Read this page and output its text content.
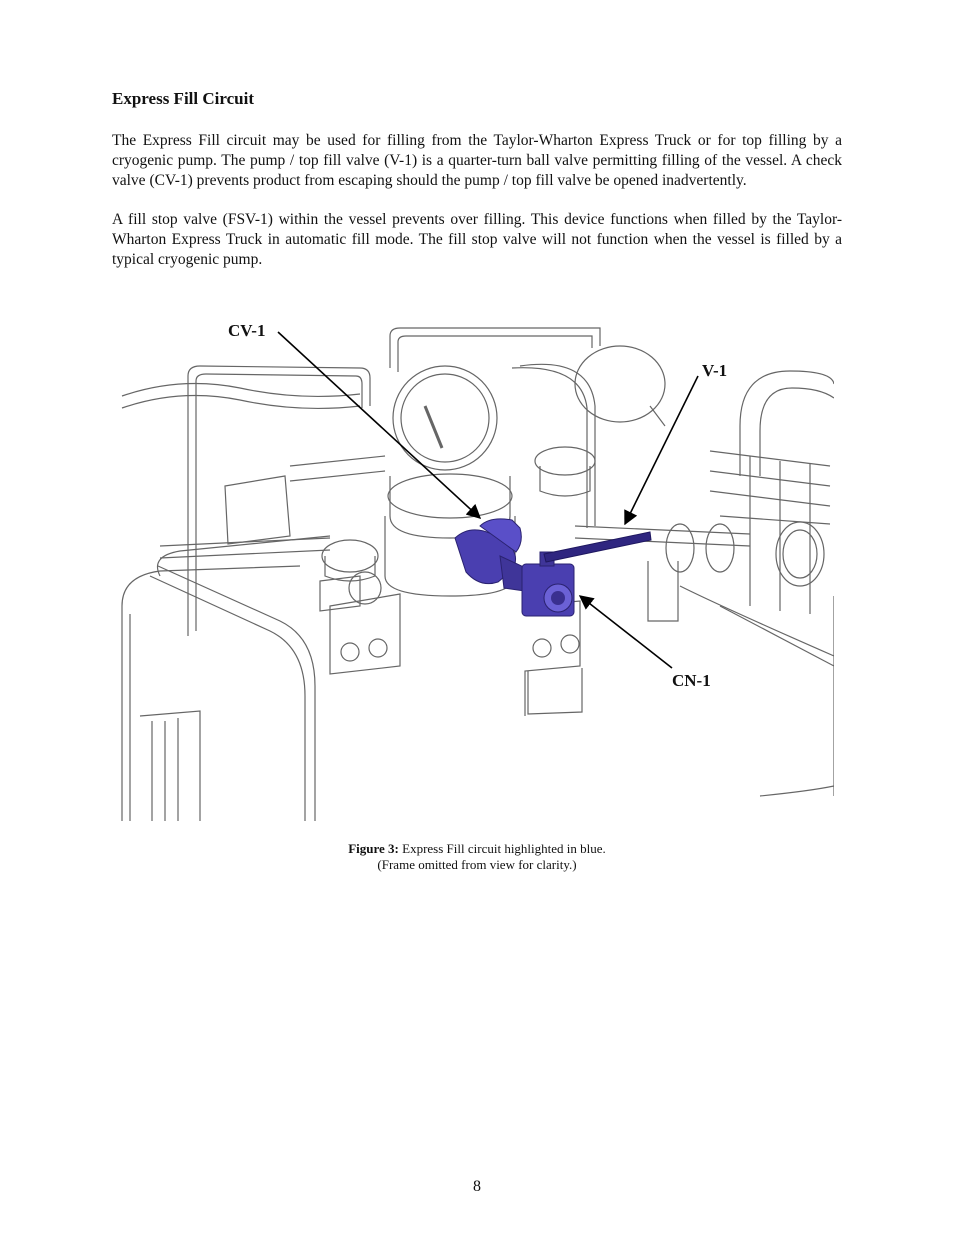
Express Fill Circuit

The Express Fill circuit may be used for filling from the Taylor-Wharton Express Truck or for top filling by a cryogenic pump. The pump / top fill valve (V-1) is a quarter-turn ball valve permitting filling of the vessel. A check valve (CV-1) prevents product from escaping should the pump / top fill valve be opened inadvertently.

A fill stop valve (FSV-1) within the vessel prevents over filling. This device functions when filled by the Taylor-Wharton Express Truck in automatic fill mode. The fill stop valve will not function when the vessel is filled by a typical cryogenic pump.

CV-1
V-1
CN-1
Figure 3: Express Fill circuit highlighted in blue.
(Frame omitted from view for clarity.)
8
